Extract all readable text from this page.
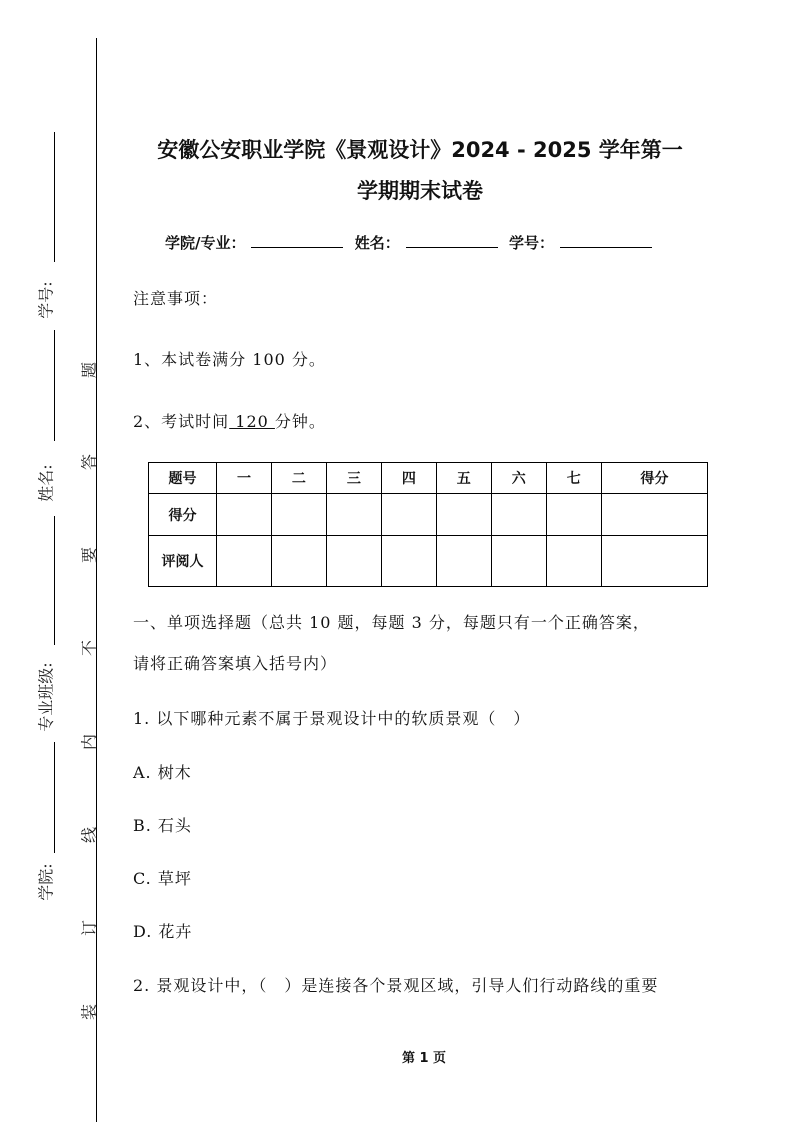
学号:
姓名:
专业班级:
学院:
题
答
要
不
内
线
订
装
安徽公安职业学院《景观设计》2024 - 2025 学年第一
学期期末试卷
学院/专业：	姓名：	学号：
注意事项：
1、本试卷满分 100 分。
2、考试时间 120 分钟。
题号	一	二	三	四	五	六	七	得分
得分								
评阅人								
一、单项选择题（总共 10 题，每题 3 分，每题只有一个正确答案，
请将正确答案填入括号内）
1. 以下哪种元素不属于景观设计中的软质景观（　）
A. 树木
B. 石头
C. 草坪
D. 花卉
2. 景观设计中，（　）是连接各个景观区域，引导人们行动路线的重要
第 1 页
